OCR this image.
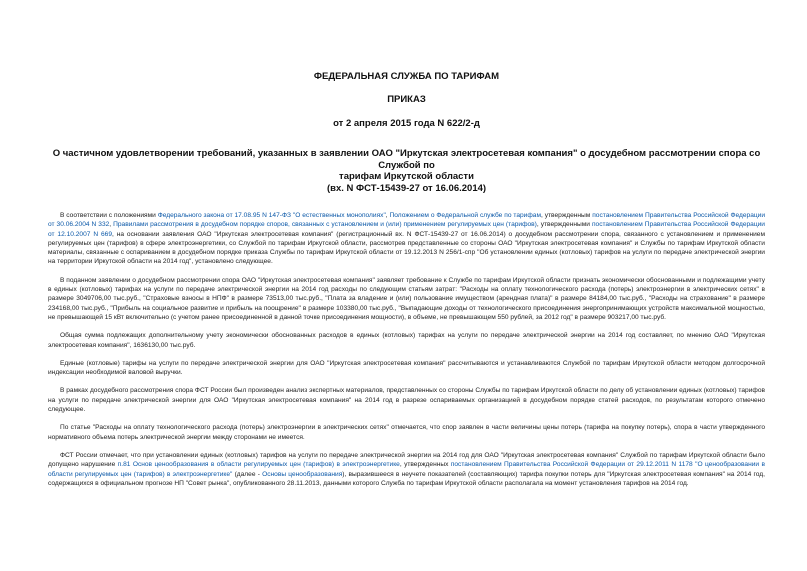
ФЕДЕРАЛЬНАЯ СЛУЖБА ПО ТАРИФАМ
ПРИКАЗ
от 2 апреля 2015 года N 622/2-д
О частичном удовлетворении требований, указанных в заявлении ОАО "Иркутская электросетевая компания" о досудебном рассмотрении спора со Службой по
тарифам Иркутской области
(вх. N ФСТ-15439-27 от 16.06.2014)

В соответствии с положениями Федерального закона от 17.08.95 N 147-ФЗ "О естественных монополиях", Положением о Федеральной службе по тарифам, утвержденным постановлением Правительства Российской Федерации от 30.06.2004 N 332, Правилами рассмотрения в досудебном порядке споров, связанных с установлением и (или) применением регулируемых цен (тарифов), утвержденными постановлением Правительства Российской Федерации от 12.10.2007 N 669, на основании заявления ОАО "Иркутская электросетевая компания" (регистрационный вх. N ФСТ-15439-27 от 16.06.2014) о досудебном рассмотрении спора, связанного с установлением и применением регулируемых цен (тарифов) в сфере электроэнергетики, со Службой по тарифам Иркутской области, рассмотрев представленные со стороны ОАО "Иркутская электросетевая компания" и Службы по тарифам Иркутской области материалы, связанные с оспариванием в досудебном порядке приказа Службы по тарифам Иркутской области от 19.12.2013 N 256/1-спр "Об установлении единых (котловых) тарифов на услуги по передаче электрической энергии на территории Иркутской области на 2014 год", установлено следующее.

В поданном заявлении о досудебном рассмотрении спора ОАО "Иркутская электросетевая компания" заявляет требование к Службе по тарифам Иркутской области признать экономически обоснованными и подлежащими учету в единых (котловых) тарифах на услуги по передаче электрической энергии на 2014 год расходы по следующим статьям затрат: "Расходы на оплату технологического расхода (потерь) электроэнергии в электрических сетях" в размере 3049706,00 тыс.руб., "Страховые взносы в НПФ" в размере 73513,00 тыс.руб., "Плата за владение и (или) пользование имуществом (арендная плата)" в размере 84184,00 тыс.руб., "Расходы на страхование" в размере 234168,00 тыс.руб., "Прибыль на социальное развитие и прибыль на поощрение" в размере 103380,00 тыс.руб., "Выпадающие доходы от технологического присоединения энергопринимающих устройств максимальной мощностью, не превышающей 15 кВт включительно (с учетом ранее присоединенной в данной точке присоединения мощности), в объеме, не превышающем 550 рублей, за 2012 год" в размере 903217,00 тыс.руб.

Общая сумма подлежащих дополнительному учету экономически обоснованных расходов в единых (котловых) тарифах на услуги по передаче электрической энергии на 2014 год составляет, по мнению ОАО "Иркутская электросетевая компания", 1636130,00 тыс.руб.

Единые (котловые) тарифы на услуги по передаче электрической энергии для ОАО "Иркутская электросетевая компания" рассчитываются и устанавливаются Службой по тарифам Иркутской области методом долгосрочной индексации необходимой валовой выручки.

В рамках досудебного рассмотрения спора ФСТ России был произведен анализ экспертных материалов, представленных со стороны Службы по тарифам Иркутской области по делу об установлении единых (котловых) тарифов на услуги по передаче электрической энергии для ОАО "Иркутская электросетевая компания" на 2014 год в разрезе оспариваемых организацией в досудебном порядке статей расходов, по результатам которого отмечено следующее.

По статье "Расходы на оплату технологического расхода (потерь) электроэнергии в электрических сетях" отмечается, что спор заявлен в части величины цены потерь (тарифа на покупку потерь), спора в части утвержденного нормативного объема потерь электрической энергии между сторонами не имеется.

ФСТ России отмечает, что при установлении единых (котловых) тарифов на услуги по передаче электрической энергии на 2014 год для ОАО "Иркутская электросетевая компания" Службой по тарифам Иркутской области было допущено нарушение п.81 Основ ценообразования в области регулируемых цен (тарифов) в электроэнергетике, утвержденных постановлением Правительства Российской Федерации от 29.12.2011 N 1178 "О ценообразовании в области регулируемых цен (тарифов) в электроэнергетике" (далее - Основы ценообразования), выразившееся в неучете показателей (составляющих) тарифа покупки потерь для "Иркутская электросетевая компания" на 2014 год, содержащихся в официальном прогнозе НП "Совет рынка", опубликованного 28.11.2013, данными которого Служба по тарифам Иркутской области располагала на момент установления тарифов на 2014 год.
